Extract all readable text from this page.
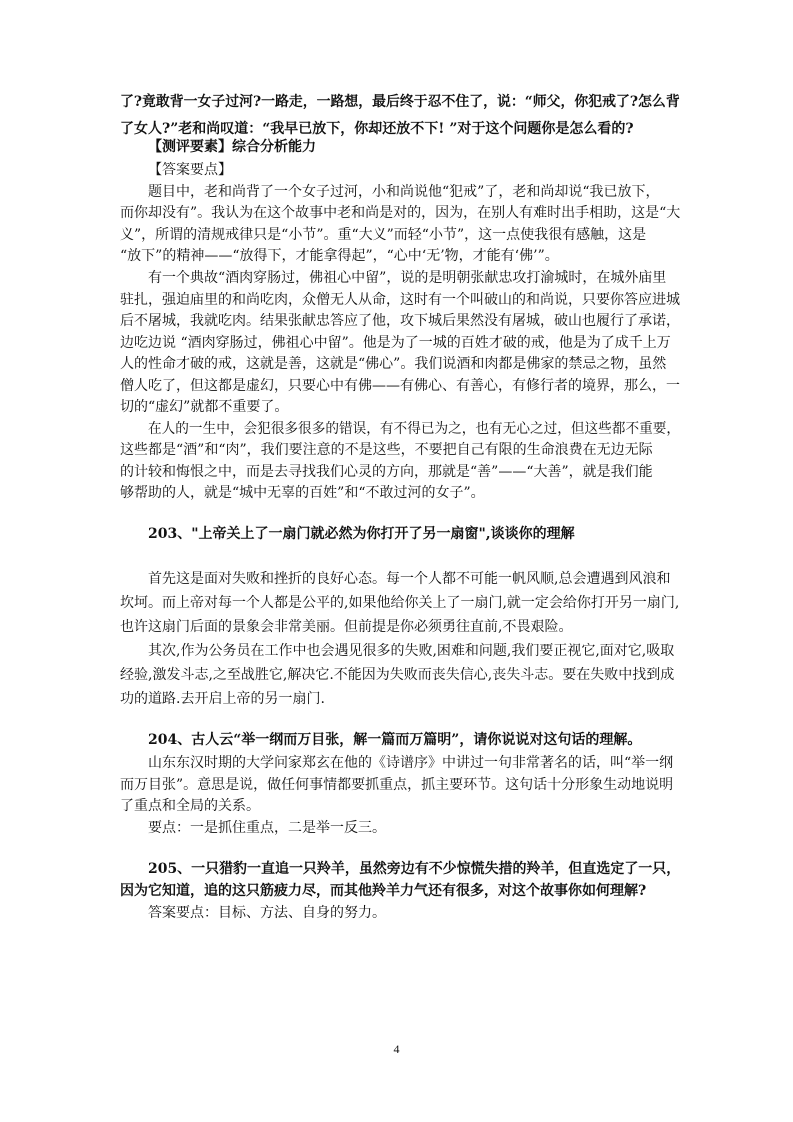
了?竟敢背一女子过河?一路走，一路想，最后终于忍不住了，说：“师父，你犯戒了?怎么背

了女人?”老和尚叹道：“我早已放下，你却还放不下! ”对于这个问题你是怎么看的?

【测评要素】综合分析能力

【答案要点】

题目中，老和尚背了一个女子过河，小和尚说他“犯戒”了，老和尚却说“我已放下，

而你却没有”。我认为在这个故事中老和尚是对的，因为，在别人有难时出手相助，这是“大

义”，所谓的清规戒律只是“小节”。重“大义”而轻“小节”，这一点使我很有感触，这是

“放下”的精神——“放得下，才能拿得起”，“心中‘无’物，才能有‘佛’”。

有一个典故“酒肉穿肠过，佛祖心中留”，说的是明朝张献忠攻打渝城时，在城外庙里

驻扎，强迫庙里的和尚吃肉，众僧无人从命，这时有一个叫破山的和尚说，只要你答应进城

后不屠城，我就吃肉。结果张献忠答应了他，攻下城后果然没有屠城，破山也履行了承诺，

边吃边说 “酒肉穿肠过，佛祖心中留”。他是为了一城的百姓才破的戒，他是为了成千上万

人的性命才破的戒，这就是善，这就是“佛心”。我们说酒和肉都是佛家的禁忌之物，虽然

僧人吃了，但这都是虚幻，只要心中有佛——有佛心、有善心，有修行者的境界，那么，一

切的“虚幻”就都不重要了。

在人的一生中，会犯很多很多的错误，有不得已为之，也有无心之过，但这些都不重要，

这些都是“酒”和“肉”，我们要注意的不是这些，不要把自己有限的生命浪费在无边无际

的计较和悔恨之中，而是去寻找我们心灵的方向，那就是“善”——“大善”，就是我们能

够帮助的人，就是“城中无辜的百姓”和“不敢过河的女子”。

203、"上帝关上了一扇门就必然为你打开了另一扇窗",谈谈你的理解

首先这是面对失败和挫折的良好心态。每一个人都不可能一帆风顺,总会遭遇到风浪和

坎坷。而上帝对每一个人都是公平的,如果他给你关上了一扇门,就一定会给你打开另一扇门,

也许这扇门后面的景象会非常美丽。但前提是你必须勇往直前,不畏艰险。

其次,作为公务员在工作中也会遇见很多的失败,困难和问题,我们要正视它,面对它,吸取

经验,激发斗志,之至战胜它,解决它.不能因为失败而丧失信心,丧失斗志。要在失败中找到成

功的道路.去开启上帝的另一扇门.

204、古人云“举一纲而万目张，解一篇而万篇明”，请你说说对这句话的理解。

山东东汉时期的大学问家郑玄在他的《诗谱序》中讲过一句非常著名的话，叫“举一纲

而万目张”。意思是说，做任何事情都要抓重点，抓主要环节。这句话十分形象生动地说明

了重点和全局的关系。

要点：一是抓住重点，二是举一反三。

205、一只猎豹一直追一只羚羊，虽然旁边有不少惊慌失措的羚羊，但直选定了一只，

因为它知道，追的这只筋疲力尽，而其他羚羊力气还有很多，对这个故事你如何理解?

答案要点：目标、方法、自身的努力。

4
